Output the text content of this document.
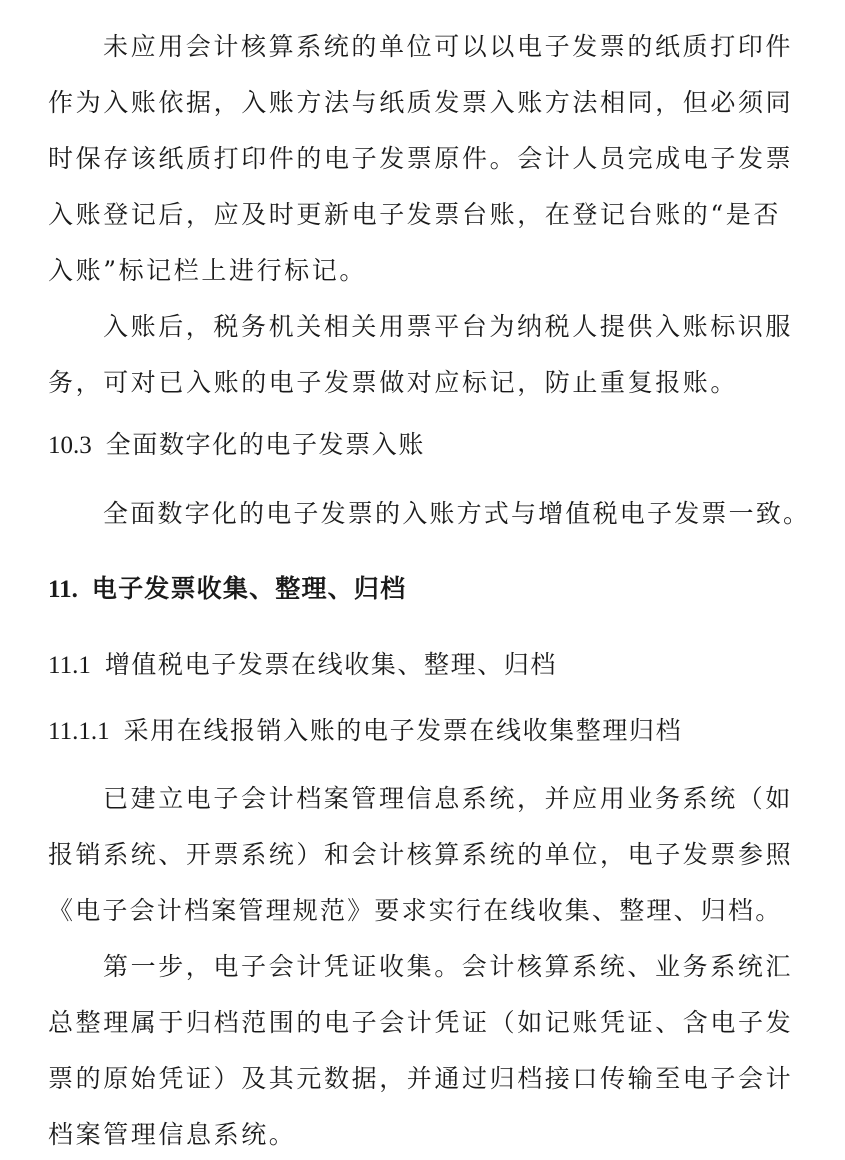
未应用会计核算系统的单位可以以电子发票的纸质打印件

作为入账依据，入账方法与纸质发票入账方法相同，但必须同

时保存该纸质打印件的电子发票原件。会计人员完成电子发票

入账登记后，应及时更新电子发票台账，在登记台账的“是否

入账”标记栏上进行标记。

入账后，税务机关相关用票平台为纳税人提供入账标识服

务，可对已入账的电子发票做对应标记，防止重复报账。

10.3 全面数字化的电子发票入账

全面数字化的电子发票的入账方式与增值税电子发票一致。

11. 电子发票收集、整理、归档
11.1 增值税电子发票在线收集、整理、归档
11.1.1 采用在线报销入账的电子发票在线收集整理归档

已建立电子会计档案管理信息系统，并应用业务系统（如

报销系统、开票系统）和会计核算系统的单位，电子发票参照

《电子会计档案管理规范》要求实行在线收集、整理、归档。

第一步，电子会计凭证收集。会计核算系统、业务系统汇

总整理属于归档范围的电子会计凭证（如记账凭证、含电子发

票的原始凭证）及其元数据，并通过归档接口传输至电子会计

档案管理信息系统。
